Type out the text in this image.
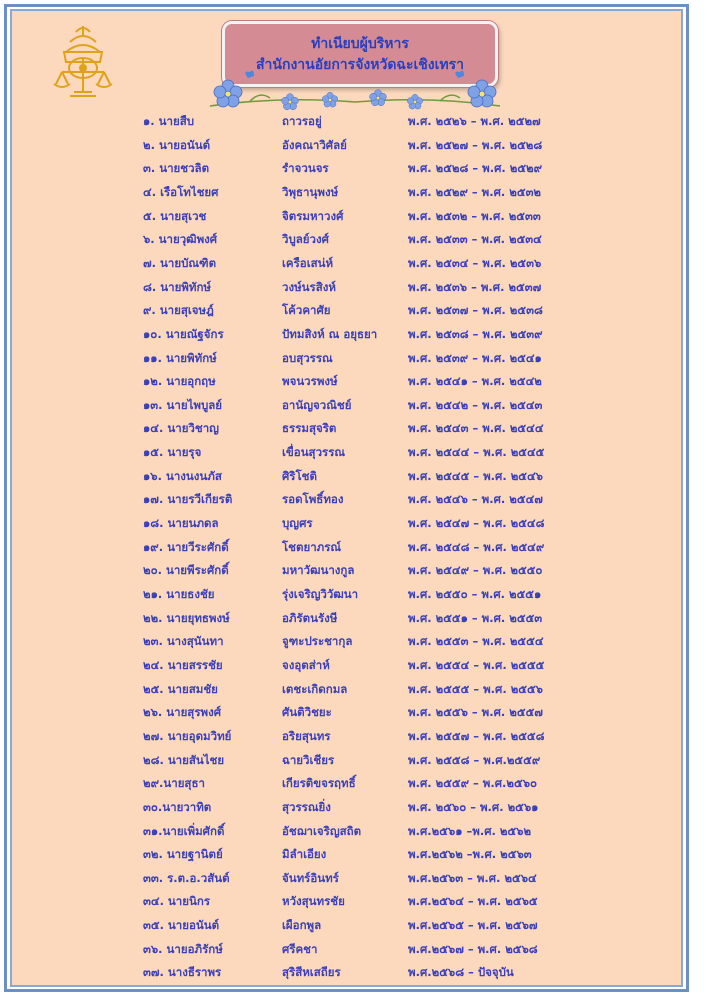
ทำเนียบผู้บริหาร
สำนักงานอัยการจังหวัดฉะเชิงเทรา
๑. นายสืบ	ถาวรอยู่	พ.ศ. ๒๕๒๖ – พ.ศ. ๒๕๒๗
๒. นายอนันต์	อังคณาวิศัลย์	พ.ศ. ๒๕๒๗ – พ.ศ. ๒๕๒๘
๓. นายชวลิต	รำจวนจร	พ.ศ. ๒๕๒๘ – พ.ศ. ๒๕๒๙
๔. เรือโทไชยศ	วิพุธานุพงษ์	พ.ศ. ๒๕๒๙ – พ.ศ. ๒๕๓๒
๕. นายสุเวช	จิตรมหาวงศ์	พ.ศ. ๒๕๓๒ – พ.ศ. ๒๕๓๓
๖. นายวุฒิพงศ์	วิบูลย์วงศ์	พ.ศ. ๒๕๓๓ – พ.ศ. ๒๕๓๔
๗. นายบัณฑิต	เครือเสน่ห์	พ.ศ. ๒๕๓๔ – พ.ศ. ๒๕๓๖
๘. นายพิทักษ์	วงษ์นรสิงห์	พ.ศ. ๒๕๓๖ – พ.ศ. ๒๕๓๗
๙. นายสุเจษฎ์	โค้วคาศัย	พ.ศ. ๒๕๓๗ – พ.ศ. ๒๕๓๘
๑๐. นายณัฐจักร	ปัทมสิงห์ ณ อยุธยา	พ.ศ. ๒๕๓๘ – พ.ศ. ๒๕๓๙
๑๑. นายพิทักษ์	อบสุวรรณ	พ.ศ. ๒๕๓๙ – พ.ศ. ๒๕๔๑
๑๒. นายอุกฤษ	พจนวรพงษ์	พ.ศ. ๒๕๔๑ – พ.ศ. ๒๕๔๒
๑๓. นายไพบูลย์	อานัญจวณิชย์	พ.ศ. ๒๕๔๒ – พ.ศ. ๒๕๔๓
๑๔. นายวิชาญ	ธรรมสุจริต	พ.ศ. ๒๕๔๓ – พ.ศ. ๒๕๔๔
๑๕. นายรุจ	เขื่อนสุวรรณ	พ.ศ. ๒๕๔๔ – พ.ศ. ๒๕๔๕
๑๖. นางนงนภัส	ศิริโชติ	พ.ศ. ๒๕๔๕ – พ.ศ. ๒๕๔๖
๑๗. นายรวีเกียรติ	รอดโพธิ์ทอง	พ.ศ. ๒๕๔๖ – พ.ศ. ๒๕๔๗
๑๘. นายนภดล	บุญศร	พ.ศ. ๒๕๔๗ – พ.ศ. ๒๕๔๘
๑๙. นายวีระศักดิ์	โชตยาภรณ์	พ.ศ. ๒๕๔๘ – พ.ศ. ๒๕๔๙
๒๐. นายพีระศักดิ์	มหาวัฒนางกูล	พ.ศ. ๒๕๔๙ – พ.ศ. ๒๕๕๐
๒๑. นายธงชัย	รุ่งเจริญวิวัฒนา	พ.ศ. ๒๕๕๐ – พ.ศ. ๒๕๕๑
๒๒. นายยุทธพงษ์	อภิรัตนรังษี	พ.ศ. ๒๕๕๑ – พ.ศ. ๒๕๕๓
๒๓. นางสุนันทา	จูฑะประชากุล	พ.ศ. ๒๕๕๓ – พ.ศ. ๒๕๕๔
๒๔. นายสรรชัย	จงอุตส่าห์	พ.ศ. ๒๕๕๔ – พ.ศ. ๒๕๕๕
๒๕. นายสมชัย	เตชะเกิดกมล	พ.ศ. ๒๕๕๕ – พ.ศ. ๒๕๕๖
๒๖. นายสุรพงศ์	ศันติวิชยะ	พ.ศ. ๒๕๕๖ – พ.ศ. ๒๕๕๗
๒๗. นายอุดมวิทย์	อริยสุนทร	พ.ศ. ๒๕๕๗ – พ.ศ. ๒๕๕๘
๒๘. นายสันไชย	ฉายวิเชียร	พ.ศ. ๒๕๕๘ – พ.ศ.๒๕๕๙
๒๙.นายสุธา	เกียรติขจรฤทธิ์	พ.ศ. ๒๕๕๙ – พ.ศ.๒๕๖๐
๓๐.นายวาทิต	สุวรรณยิ่ง	พ.ศ. ๒๕๖๐ – พ.ศ. ๒๕๖๑
๓๑.นายเพิ่มศักดิ์	อัชฌาเจริญสถิต	พ.ศ.๒๕๖๑ –พ.ศ. ๒๕๖๒
๓๒. นายฐานิตย์	มิลำเอียง	พ.ศ.๒๕๖๒ –พ.ศ. ๒๕๖๓
๓๓. ร.ต.อ.วสันต์	จันทร์อินทร์	พ.ศ.๒๕๖๓ – พ.ศ. ๒๕๖๔
๓๔. นายนิกร	หวังสุนทรชัย	พ.ศ.๒๕๖๔ – พ.ศ. ๒๕๖๕
๓๕. นายอนันต์	เผือกพูล	พ.ศ.๒๕๖๕ – พ.ศ. ๒๕๖๗
๓๖. นายอภิรักษ์	ศรีคชา	พ.ศ.๒๕๖๗ – พ.ศ. ๒๕๖๘
๓๗. นางธีราพร	สุริสีหเสถียร	พ.ศ.๒๕๖๘ – ปัจจุบัน
